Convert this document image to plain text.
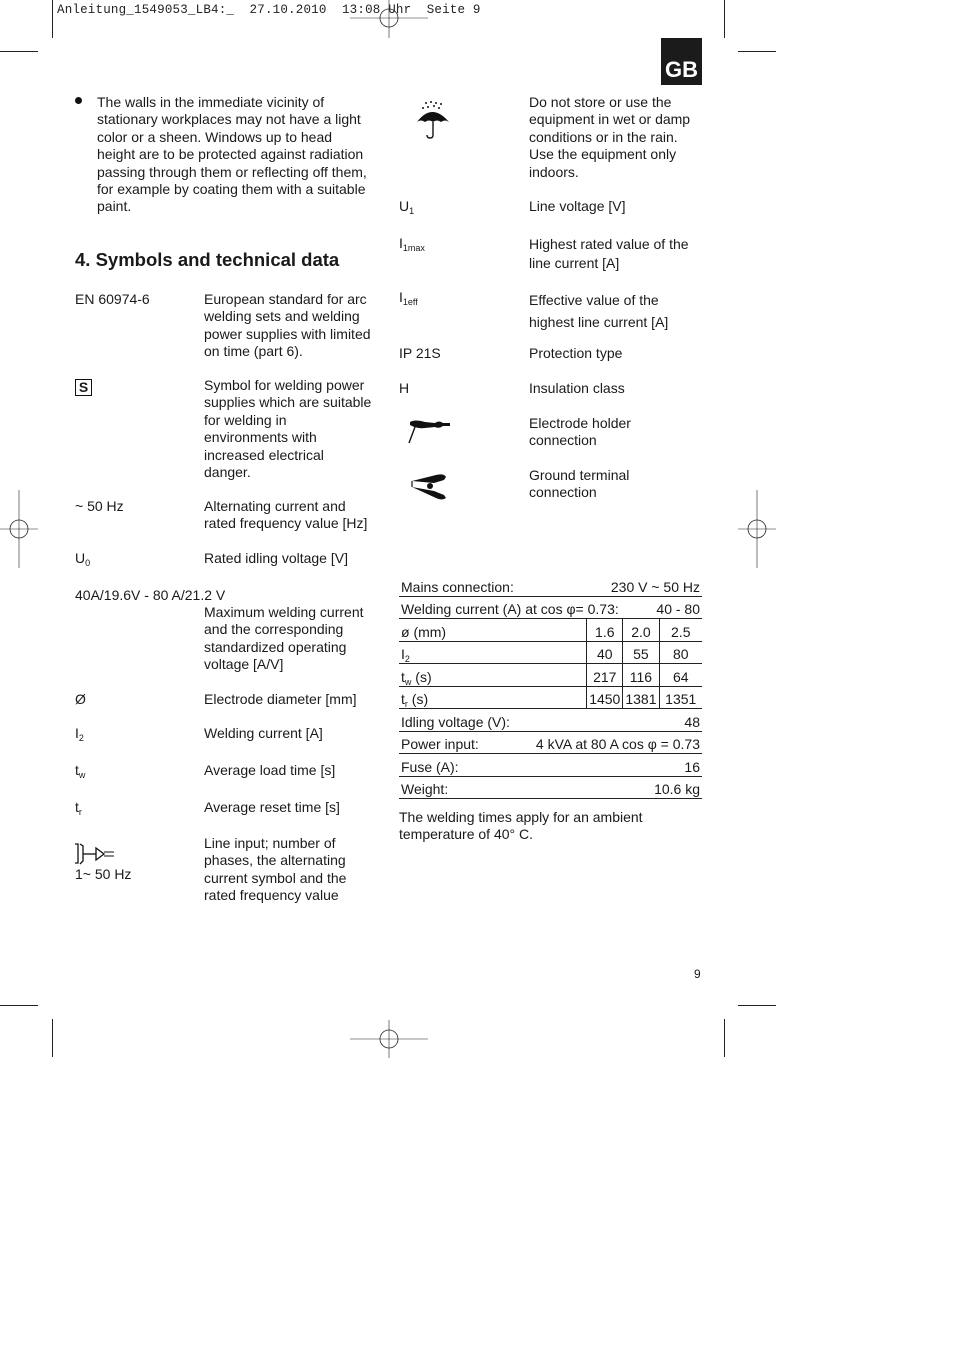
Anleitung_1549053_LB4:_ 27.10.2010 13:08 Uhr Seite 9
GB
The walls in the immediate vicinity of
stationary workplaces may not have a light
color or a sheen. Windows up to head
height are to be protected against radiation
passing through them or reflecting off them,
for example by coating them with a suitable
paint.
4. Symbols and technical data
EN 60974-6	European standard for arc
welding sets and welding
power supplies with limited
on time (part 6).
S	Symbol for welding power
supplies which are suitable
for welding in
environments with
increased electrical
danger.
~ 50 Hz	Alternating current and
rated frequency value [Hz]
$U_0$	Rated idling voltage [V]
40A/19.6V - 80 A/21.2 V
Maximum welding current
and the corresponding
standardized operating
voltage [A/V]
Ø	Electrode diameter [mm]
$I_2$	Welding current [A]
$t_w$	Average load time [s]
$t_r$	Average reset time [s]
1~ 50 Hz
Line input; number of
phases, the alternating
current symbol and the
rated frequency value
Do not store or use the
equipment in wet or damp
conditions or in the rain.
Use the equipment only
indoors.
$U_1$	Line voltage [V]
$I_{1max}$	Highest rated value of the
line current [A]
$I_{1eff}$	Effective value of the
highest line current [A]
IP 21S	Protection type
H	Insulation class
Electrode holder
connection
Ground terminal
connection
Mains connection:	230 V ~ 50 Hz		
Welding current (A) at cos φ= 0.73: 40 - 80			

ø (mm)	1.6	2.0	2.5
$I_2$	40	55	80
$t_w$ (s)	217	116	64
$t_r$ (s)	1450	1381	1351
Idling voltage (V):	48		
Power input: 4 kVA at 80 A cos φ = 0.73			

Fuse (A):	16		
Weight:	10.6 kg		
The welding times apply for an ambient
temperature of 40° C.
9
